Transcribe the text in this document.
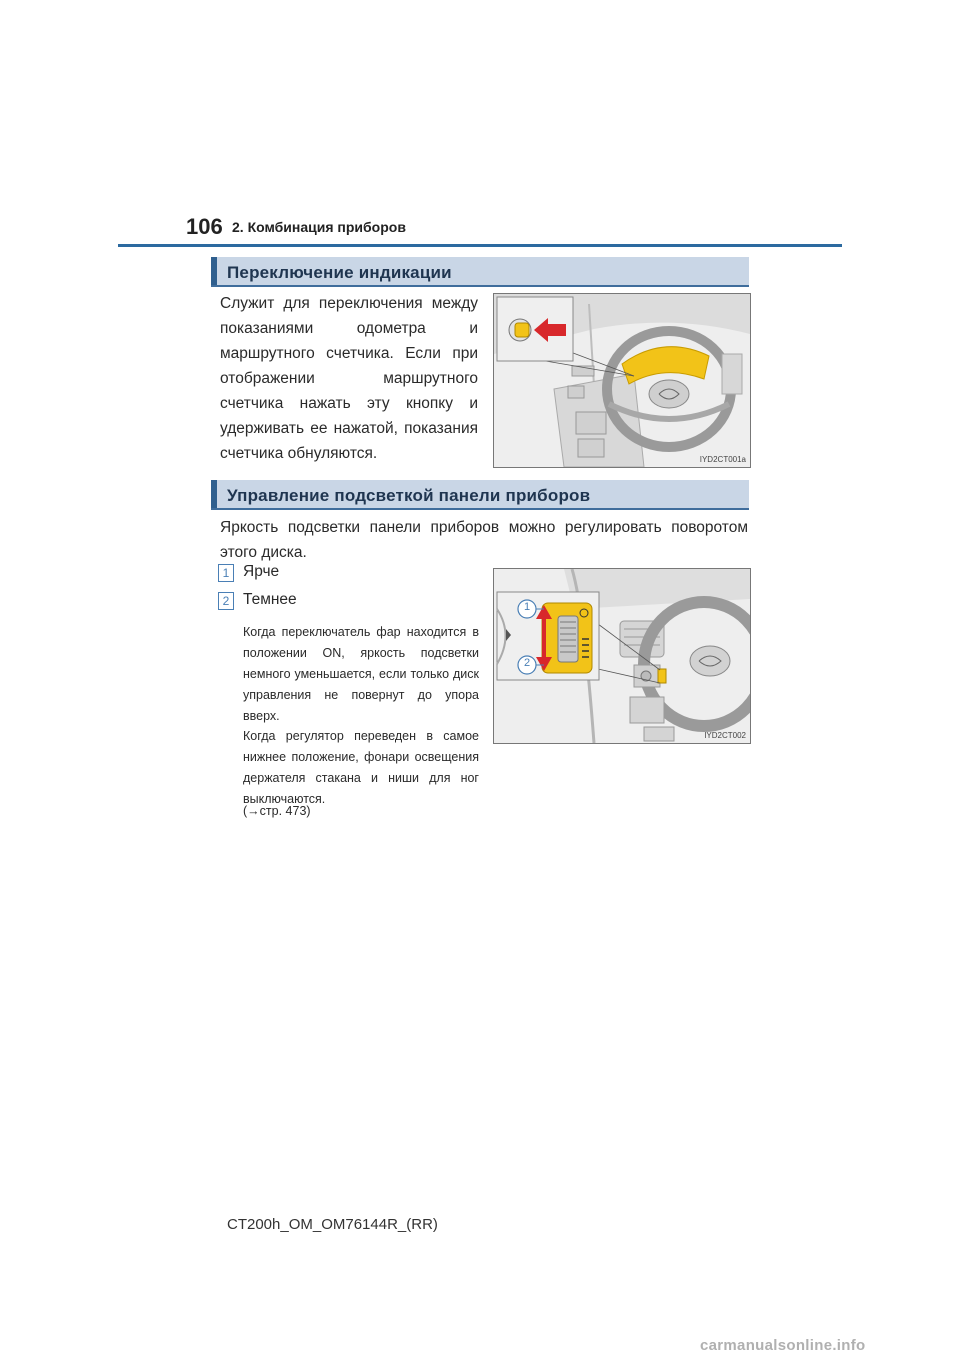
106 2. Комбинация приборов
Переключение индикации
Служит для переключения между показаниями одометра и маршрутного счетчика. Если при отображении маршрутного счетчика нажать эту кнопку и удерживать ее нажатой, показания счетчика обнуляются.	IYD2CT001a
Управление подсветкой панели приборов
Яркость подсветки панели приборов можно регулировать поворотом этого диска.
1 Ярче
2 Темнее
Когда переключатель фар находится в положении ON, яркость подсветки немного уменьшается, если только диск управления не повернут до упора вверх.
Когда регулятор переведен в самое нижнее положение, фонари освещения держателя стакана и ниши для ног выключаются.
(→стр. 473)
1
2
IYD2CT002
CT200h_OM_OM76144R_(RR)
carmanualsonline.info
